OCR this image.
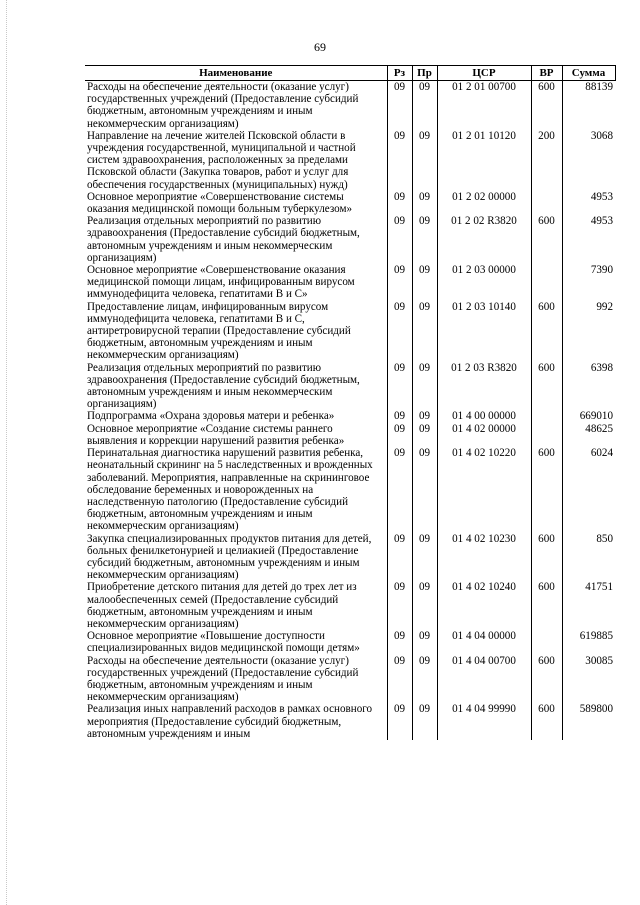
69
Наименование	Рз	Пр	ЦСР	ВР	Сумма
Расходы на обеспечение деятельности (оказание услуг) государственных учреждений (Предоставление субсидий бюджетным, автономным учреждениям и иным некоммерческим организациям)	09	09	01 2 01 00700	600	88139
Направление на лечение жителей Псковской области в учреждения государственной, муниципальной и частной систем здравоохранения, расположенных за пределами Псковской области (Закупка товаров, работ и услуг для обеспечения государственных (муниципальных) нужд)	09	09	01 2 01 10120	200	3068
Основное мероприятие «Совершенствование системы оказания медицинской помощи больным туберкулезом»	09	09	01 2 02 00000		4953
Реализация отдельных мероприятий по развитию здравоохранения (Предоставление субсидий бюджетным, автономным учреждениям и иным некоммерческим организациям)	09	09	01 2 02 R3820	600	4953
Основное мероприятие «Совершенствование оказания медицинской помощи лицам, инфицированным вирусом иммунодефицита человека, гепатитами В и С»	09	09	01 2 03 00000		7390
Предоставление лицам, инфицированным вирусом иммунодефицита человека, гепатитами В и С, антиретровирусной терапии (Предоставление субсидий бюджетным, автономным учреждениям и иным некоммерческим организациям)	09	09	01 2 03 10140	600	992
Реализация отдельных мероприятий по развитию здравоохранения (Предоставление субсидий бюджетным, автономным учреждениям и иным некоммерческим организациям)	09	09	01 2 03 R3820	600	6398
Подпрограмма «Охрана здоровья матери и ребенка»	09	09	01 4 00 00000		669010
Основное мероприятие «Создание системы раннего выявления и коррекции нарушений развития ребенка»	09	09	01 4 02 00000		48625
Перинатальная диагностика нарушений развития ребенка, неонатальный скрининг на 5 наследственных и врожденных заболеваний. Мероприятия, направленные на скрининговое обследование беременных и новорожденных на наследственную патологию (Предоставление субсидий бюджетным, автономным учреждениям и иным некоммерческим организациям)	09	09	01 4 02 10220	600	6024
Закупка специализированных продуктов питания для детей, больных фенилкетонурией и целиакией (Предоставление субсидий бюджетным, автономным учреждениям и иным некоммерческим организациям)	09	09	01 4 02 10230	600	850
Приобретение детского питания для детей до трех лет из малообеспеченных семей (Предоставление субсидий бюджетным, автономным учреждениям и иным некоммерческим организациям)	09	09	01 4 02 10240	600	41751
Основное мероприятие «Повышение доступности специализированных видов медицинской помощи детям»	09	09	01 4 04 00000		619885
Расходы на обеспечение деятельности (оказание услуг) государственных учреждений (Предоставление субсидий бюджетным, автономным учреждениям и иным некоммерческим организациям)	09	09	01 4 04 00700	600	30085
Реализация иных направлений расходов в рамках основного мероприятия (Предоставление субсидий бюджетным, автономным учреждениям и иным	09	09	01 4 04 99990	600	589800
